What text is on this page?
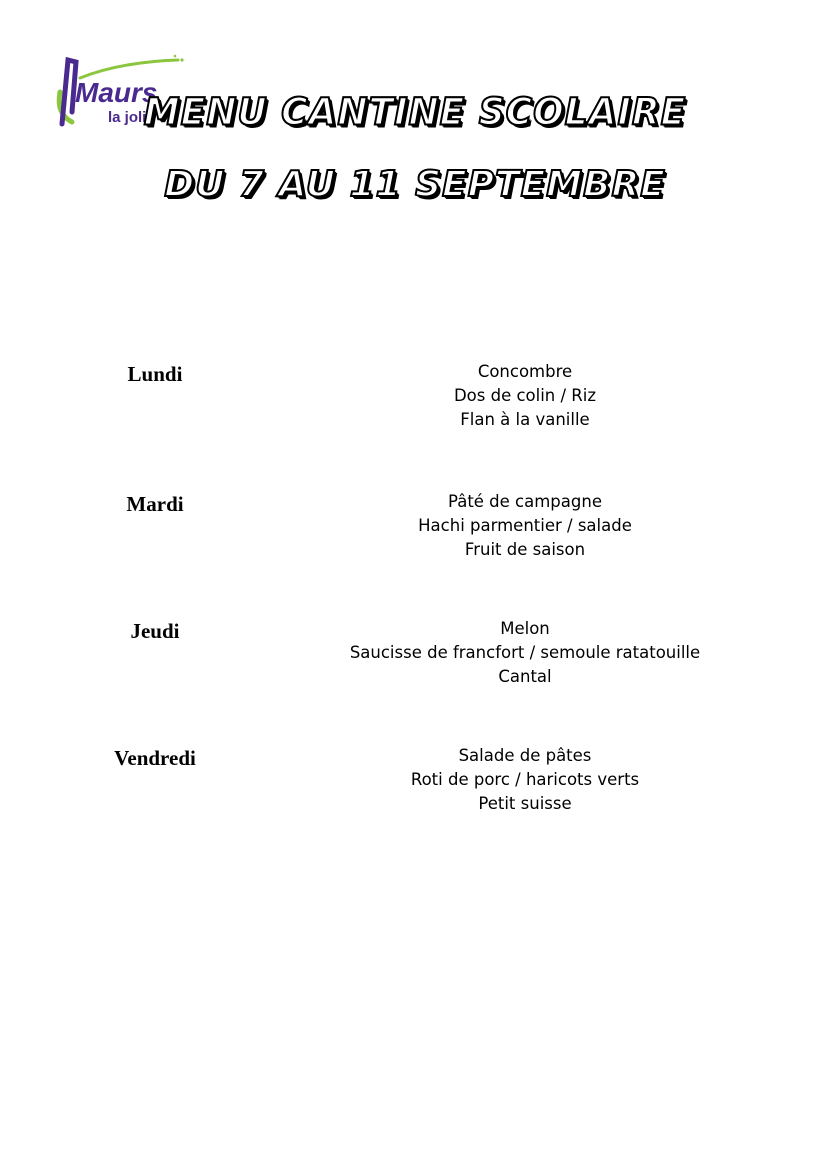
Maurs
la jolie
MENU CANTINE SCOLAIRE
DU 7 AU 11 SEPTEMBRE
Lundi	Concombre
Dos de colin / Riz
Flan à la vanille
Mardi	Pâté de campagne
Hachi parmentier / salade
Fruit de saison
Jeudi	Melon
Saucisse de francfort / semoule ratatouille
Cantal
Vendredi	Salade de pâtes
Roti de porc / haricots verts
Petit suisse
